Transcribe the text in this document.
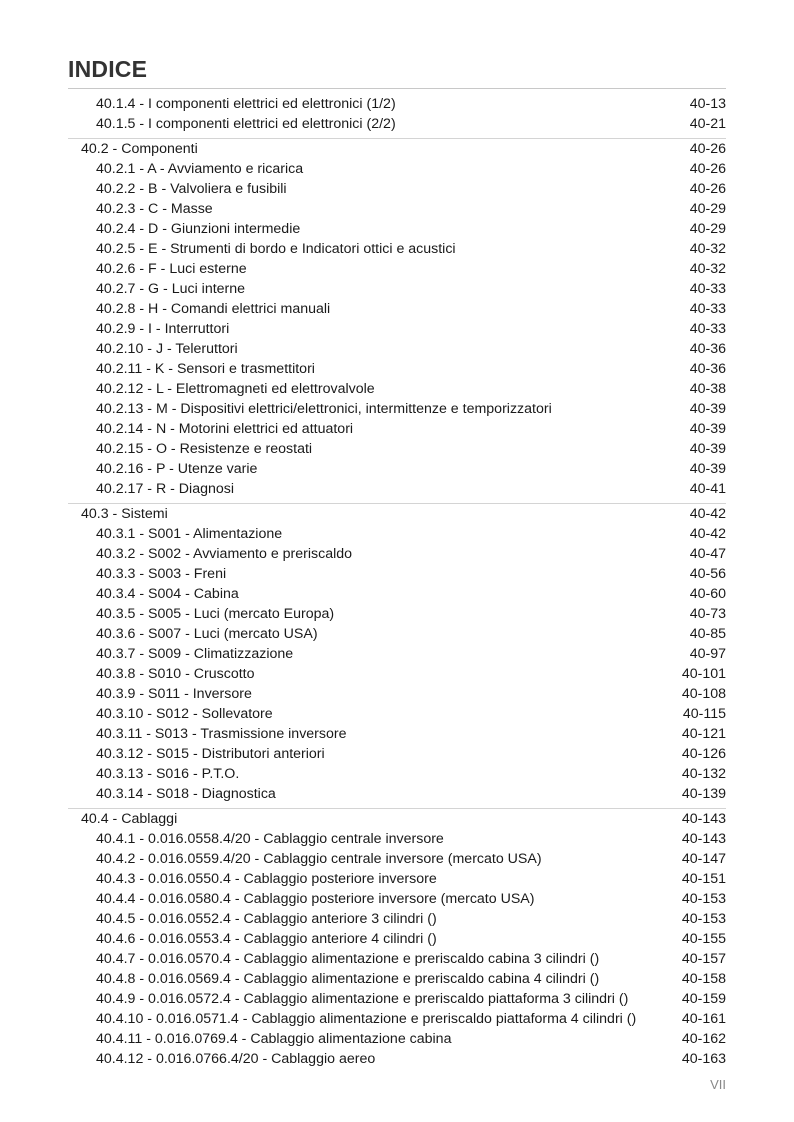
INDICE
40.1.4 - I componenti elettrici ed elettronici (1/2)	40-13
40.1.5 - I componenti elettrici ed elettronici (2/2)	40-21
40.2 - Componenti	40-26
40.2.1 - A - Avviamento e ricarica	40-26
40.2.2 - B - Valvoliera e fusibili	40-26
40.2.3 - C - Masse	40-29
40.2.4 - D - Giunzioni intermedie	40-29
40.2.5 - E - Strumenti di bordo e Indicatori ottici e acustici	40-32
40.2.6 - F - Luci esterne	40-32
40.2.7 - G - Luci interne	40-33
40.2.8 - H - Comandi elettrici manuali	40-33
40.2.9 - I - Interruttori	40-33
40.2.10 - J - Teleruttori	40-36
40.2.11 - K - Sensori e trasmettitori	40-36
40.2.12 - L - Elettromagneti ed elettrovalvole	40-38
40.2.13 - M - Dispositivi elettrici/elettronici, intermittenze e temporizzatori	40-39
40.2.14 - N - Motorini elettrici ed attuatori	40-39
40.2.15 - O - Resistenze e reostati	40-39
40.2.16 - P - Utenze varie	40-39
40.2.17 - R - Diagnosi	40-41
40.3 - Sistemi	40-42
40.3.1 - S001 - Alimentazione	40-42
40.3.2 - S002 - Avviamento e preriscaldo	40-47
40.3.3 - S003 - Freni	40-56
40.3.4 - S004 - Cabina	40-60
40.3.5 - S005 - Luci (mercato Europa)	40-73
40.3.6 - S007 - Luci (mercato USA)	40-85
40.3.7 - S009 - Climatizzazione	40-97
40.3.8 - S010 - Cruscotto	40-101
40.3.9 - S011 - Inversore	40-108
40.3.10 - S012 - Sollevatore	40-115
40.3.11 - S013 - Trasmissione inversore	40-121
40.3.12 - S015 - Distributori anteriori	40-126
40.3.13 - S016 - P.T.O.	40-132
40.3.14 - S018 - Diagnostica	40-139
40.4 - Cablaggi	40-143
40.4.1 - 0.016.0558.4/20 - Cablaggio centrale inversore	40-143
40.4.2 - 0.016.0559.4/20 - Cablaggio centrale inversore (mercato USA)	40-147
40.4.3 - 0.016.0550.4 - Cablaggio posteriore inversore	40-151
40.4.4 - 0.016.0580.4 - Cablaggio posteriore inversore (mercato USA)	40-153
40.4.5 - 0.016.0552.4 - Cablaggio anteriore 3 cilindri ()	40-153
40.4.6 - 0.016.0553.4 - Cablaggio anteriore 4 cilindri ()	40-155
40.4.7 - 0.016.0570.4 - Cablaggio alimentazione e preriscaldo cabina 3 cilindri ()	40-157
40.4.8 - 0.016.0569.4 - Cablaggio alimentazione e preriscaldo cabina 4 cilindri ()	40-158
40.4.9 - 0.016.0572.4 - Cablaggio alimentazione e preriscaldo piattaforma 3 cilindri ()	40-159
40.4.10 - 0.016.0571.4 - Cablaggio alimentazione e preriscaldo piattaforma 4 cilindri ()	40-161
40.4.11 - 0.016.0769.4 - Cablaggio alimentazione cabina	40-162
40.4.12 - 0.016.0766.4/20 - Cablaggio aereo	40-163
VII
